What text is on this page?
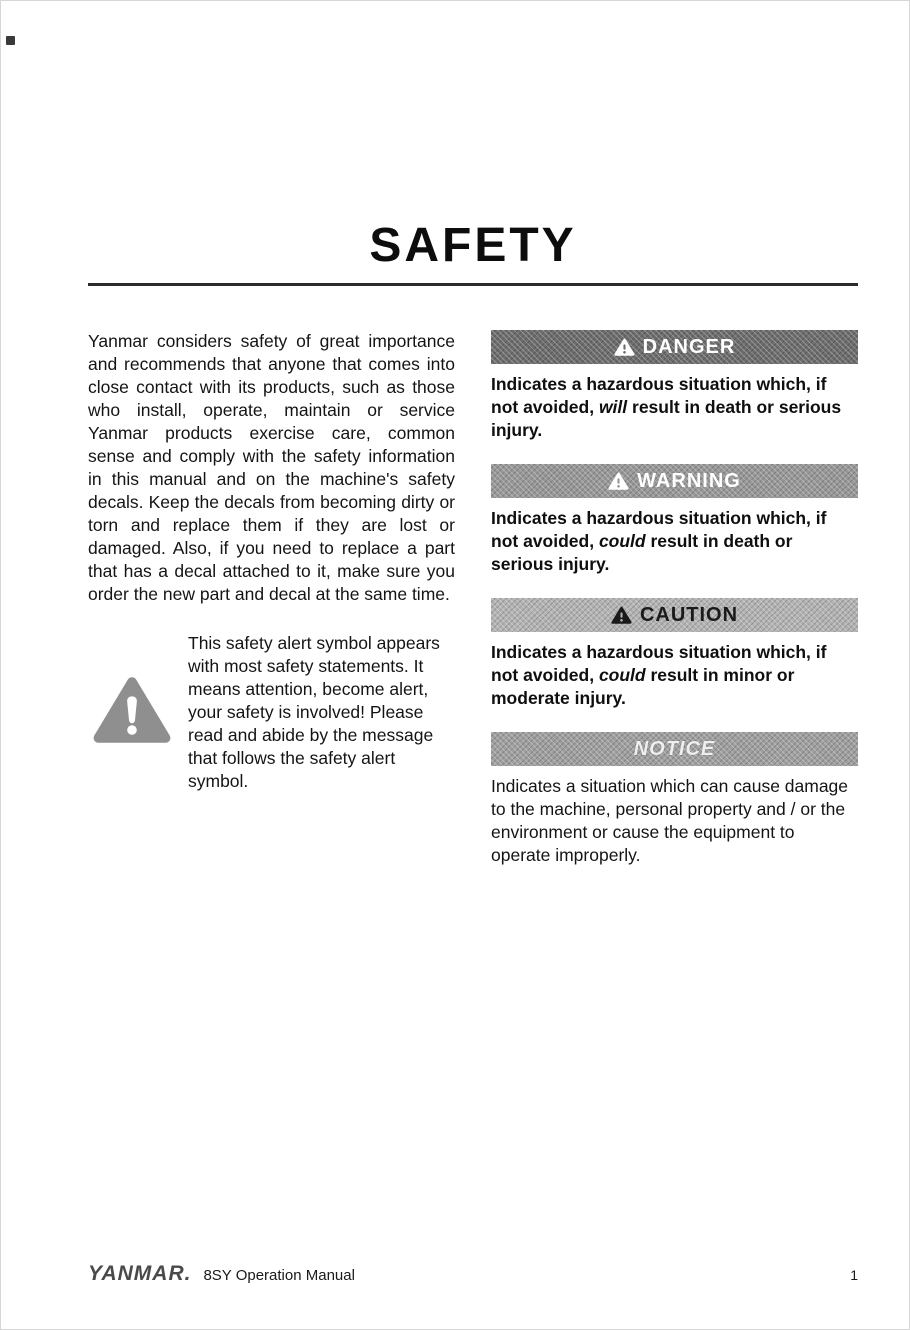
SAFETY

Yanmar considers safety of great importance and recommends that anyone that comes into close contact with its products, such as those who install, operate, maintain or service Yanmar products exercise care, common sense and comply with the safety information in this manual and on the machine's safety decals. Keep the decals from becoming dirty or torn and replace them if they are lost or damaged. Also, if you need to replace a part that has a decal attached to it, make sure you order the new part and decal at the same time.

This safety alert symbol appears with most safety statements. It means attention, become alert, your safety is involved! Please read and abide by the message that follows the safety alert symbol.

DANGER

Indicates a hazardous situation which, if not avoided, will result in death or serious injury.

WARNING

Indicates a hazardous situation which, if not avoided, could result in death or serious injury.

CAUTION

Indicates a hazardous situation which, if not avoided, could result in minor or moderate injury.

NOTICE

Indicates a situation which can cause damage to the machine, personal property and / or the environment or cause the equipment to operate improperly.

YANMAR. 8SY Operation Manual	1
